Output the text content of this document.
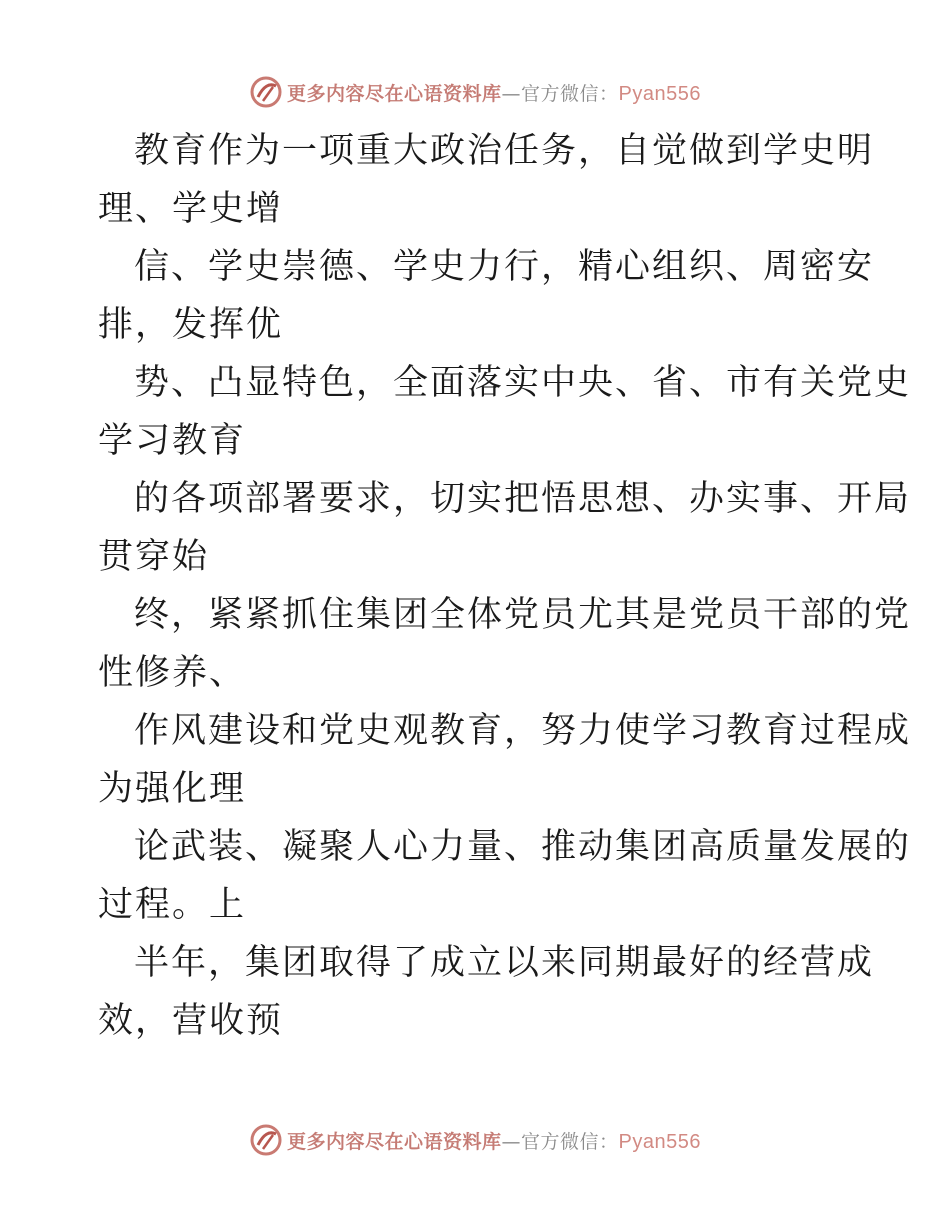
更多内容尽在心语资料库—官方微信：Pyan556
教育作为一项重大政治任务，自觉做到学史明
理、学史增
信、学史崇德、学史力行，精心组织、周密安
排，发挥优
势、凸显特色，全面落实中央、省、市有关党史
学习教育
的各项部署要求，切实把悟思想、办实事、开局
贯穿始
终，紧紧抓住集团全体党员尤其是党员干部的党
性修养、
作风建设和党史观教育，努力使学习教育过程成
为强化理
论武装、凝聚人心力量、推动集团高质量发展的
过程。上
半年，集团取得了成立以来同期最好的经营成
效，营收预
更多内容尽在心语资料库—官方微信：Pyan556
